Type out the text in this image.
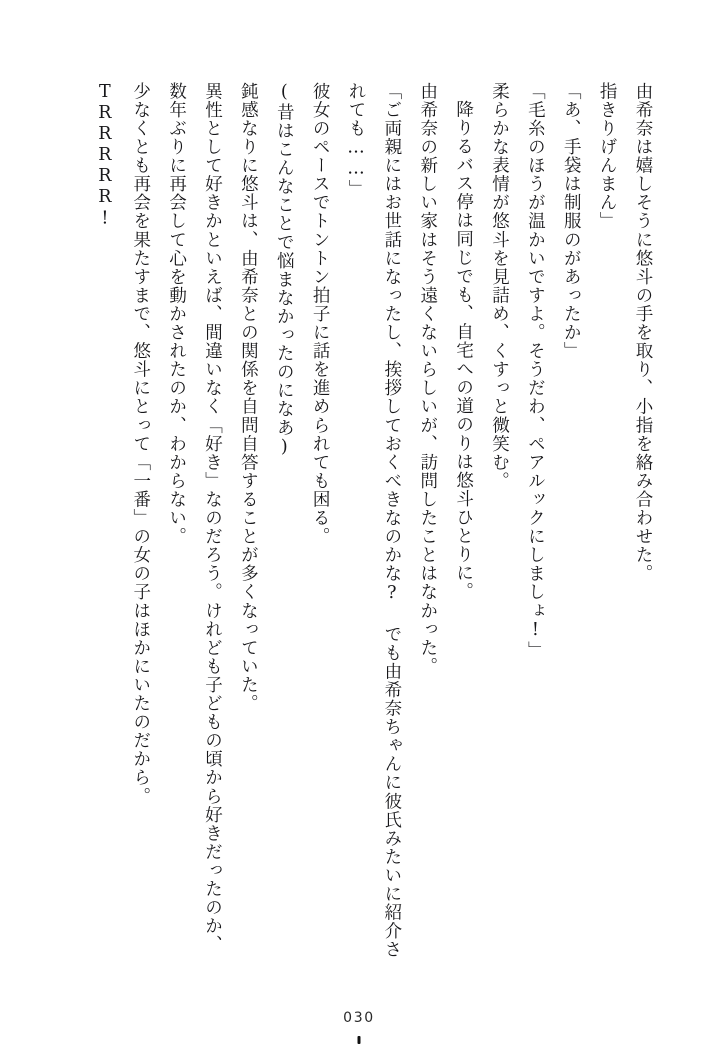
由希奈は嬉しそうに悠斗の手を取り、小指を絡み合わせた。

指きりげんまん」

「あ、手袋は制服のがあったか」

「毛糸のほうが温かいですよ。そうだわ、ペアルックにしましょ!」

柔らかな表情が悠斗を見詰め、くすっと微笑む。

降りるバス停は同じでも、自宅への道のりは悠斗ひとりに。

由希奈の新しい家はそう遠くないらしいが、訪問したことはなかった。

「ご両親にはお世話になったし、挨拶しておくべきなのかな? でも由希奈ちゃんに彼氏みたいに紹介されても……」

彼女のペースでトントン拍子に話を進められても困る。

(昔はこんなことで悩まなかったのになあ)

鈍感なりに悠斗は、由希奈との関係を自問自答することが多くなっていた。

異性として好きかといえば、間違いなく「好き」なのだろう。けれども子どもの頃から好きだったのか、数年ぶりに再会して心を動かされたのか、わからない。

少なくとも再会を果たすまで、悠斗にとって「一番」の女の子はほかにいたのだから。

TRRRRR!

030
